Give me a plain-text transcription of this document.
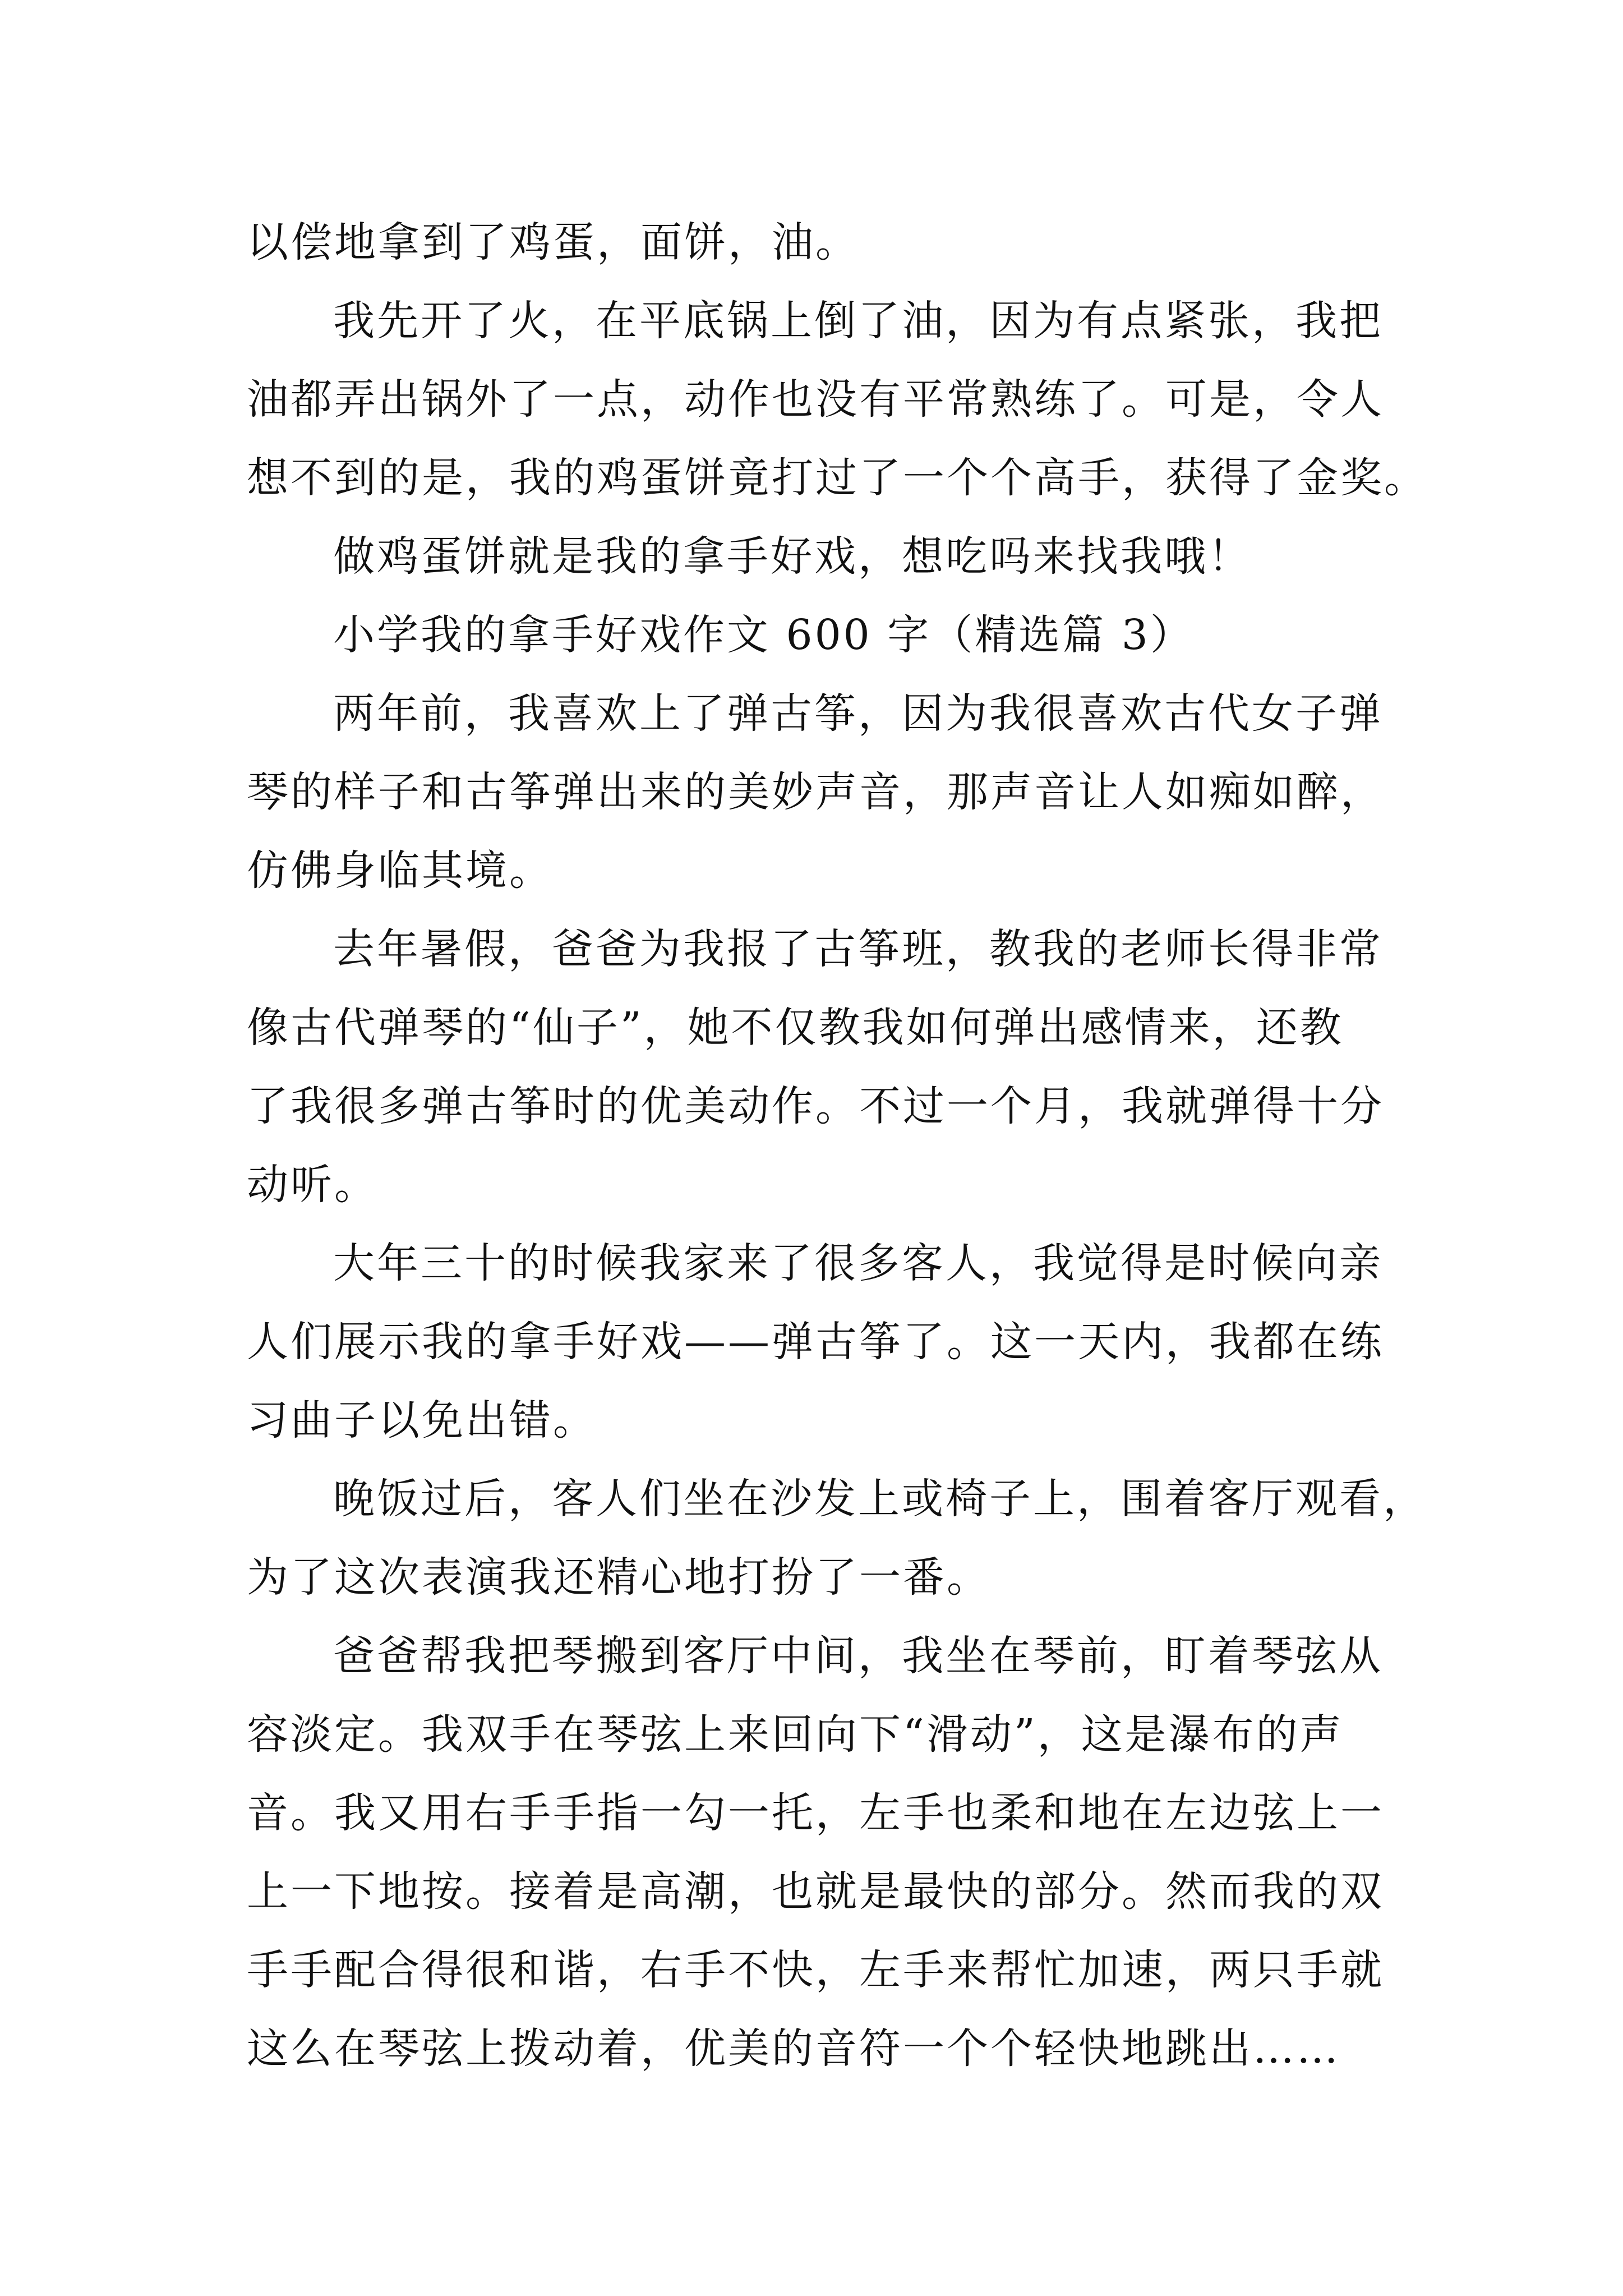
以偿地拿到了鸡蛋，面饼，油。
我先开了火，在平底锅上倒了油，因为有点紧张，我把
油都弄出锅外了一点，动作也没有平常熟练了。可是，令人
想不到的是，我的鸡蛋饼竟打过了一个个高手，获得了金奖。
做鸡蛋饼就是我的拿手好戏，想吃吗来找我哦！
小学我的拿手好戏作文 600 字（精选篇 3）
两年前，我喜欢上了弹古筝，因为我很喜欢古代女子弹
琴的样子和古筝弹出来的美妙声音，那声音让人如痴如醉，
仿佛身临其境。
去年暑假，爸爸为我报了古筝班，教我的老师长得非常
像古代弹琴的“仙子”，她不仅教我如何弹出感情来，还教
了我很多弹古筝时的优美动作。不过一个月，我就弹得十分
动听。
大年三十的时候我家来了很多客人，我觉得是时候向亲
人们展示我的拿手好戏——弹古筝了。这一天内，我都在练
习曲子以免出错。
晚饭过后，客人们坐在沙发上或椅子上，围着客厅观看，
为了这次表演我还精心地打扮了一番。
爸爸帮我把琴搬到客厅中间，我坐在琴前，盯着琴弦从
容淡定。我双手在琴弦上来回向下“滑动”，这是瀑布的声
音。我又用右手手指一勾一托，左手也柔和地在左边弦上一
上一下地按。接着是高潮，也就是最快的部分。然而我的双
手手配合得很和谐，右手不快，左手来帮忙加速，两只手就
这么在琴弦上拨动着，优美的音符一个个轻快地跳出……
